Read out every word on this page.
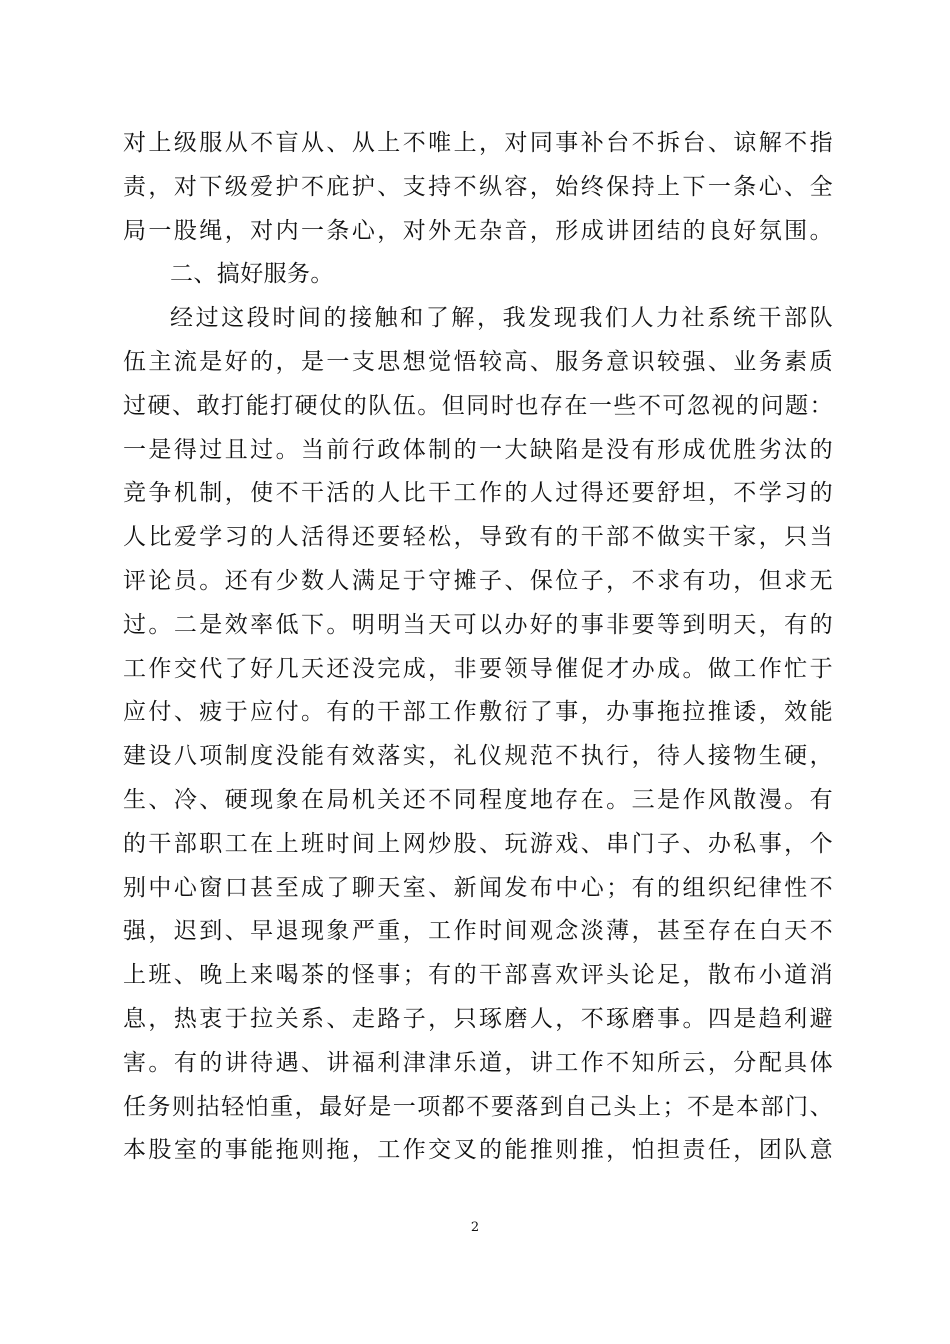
对上级服从不盲从、从上不唯上，对同事补台不拆台、谅解不指
责，对下级爱护不庇护、支持不纵容，始终保持上下一条心、全
局一股绳，对内一条心，对外无杂音，形成讲团结的良好氛围。
二、搞好服务。
经过这段时间的接触和了解，我发现我们人力社系统干部队
伍主流是好的，是一支思想觉悟较高、服务意识较强、业务素质
过硬、敢打能打硬仗的队伍。但同时也存在一些不可忽视的问题：
一是得过且过。当前行政体制的一大缺陷是没有形成优胜劣汰的
竞争机制，使不干活的人比干工作的人过得还要舒坦，不学习的
人比爱学习的人活得还要轻松，导致有的干部不做实干家，只当
评论员。还有少数人满足于守摊子、保位子，不求有功，但求无
过。二是效率低下。明明当天可以办好的事非要等到明天，有的
工作交代了好几天还没完成，非要领导催促才办成。做工作忙于
应付、疲于应付。有的干部工作敷衍了事，办事拖拉推诿，效能
建设八项制度没能有效落实，礼仪规范不执行，待人接物生硬，
生、冷、硬现象在局机关还不同程度地存在。三是作风散漫。有
的干部职工在上班时间上网炒股、玩游戏、串门子、办私事，个
别中心窗口甚至成了聊天室、新闻发布中心；有的组织纪律性不
强，迟到、早退现象严重，工作时间观念淡薄，甚至存在白天不
上班、晚上来喝茶的怪事；有的干部喜欢评头论足，散布小道消
息，热衷于拉关系、走路子，只琢磨人，不琢磨事。四是趋利避
害。有的讲待遇、讲福利津津乐道，讲工作不知所云，分配具体
任务则拈轻怕重，最好是一项都不要落到自己头上；不是本部门、
本股室的事能拖则拖，工作交叉的能推则推，怕担责任，团队意
2
